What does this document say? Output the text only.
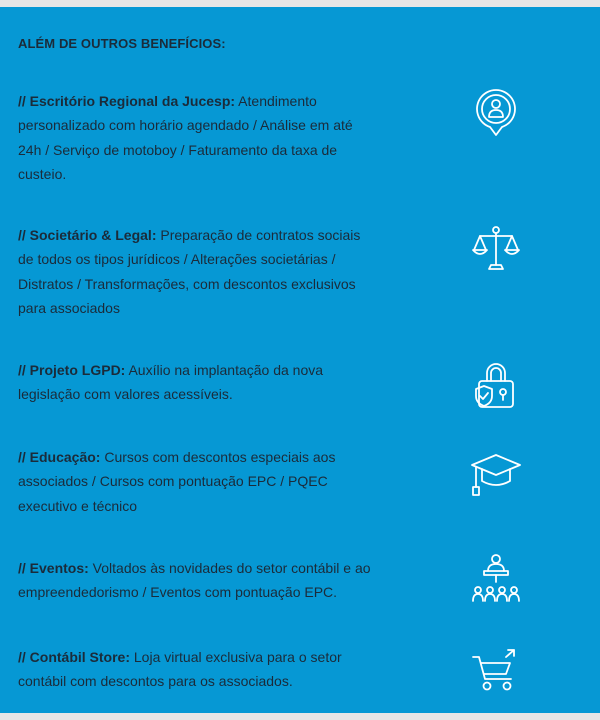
ALÉM DE OUTROS BENEFÍCIOS:
// Escritório Regional da Jucesp: Atendimento personalizado com horário agendado / Análise em até 24h / Serviço de motoboy / Faturamento da taxa de custeio.
// Societário & Legal: Preparação de contratos sociais de todos os tipos jurídicos / Alterações societárias / Distratos / Transformações, com descontos exclusivos para associados
// Projeto LGPD: Auxílio na implantação da nova legislação com valores acessíveis.
// Educação: Cursos com descontos especiais aos associados / Cursos com pontuação EPC / PQEC executivo e técnico
// Eventos: Voltados às novidades do setor contábil e ao empreendedorismo / Eventos com pontuação EPC.
// Contábil Store: Loja virtual exclusiva para o setor contábil com descontos para os associados.
